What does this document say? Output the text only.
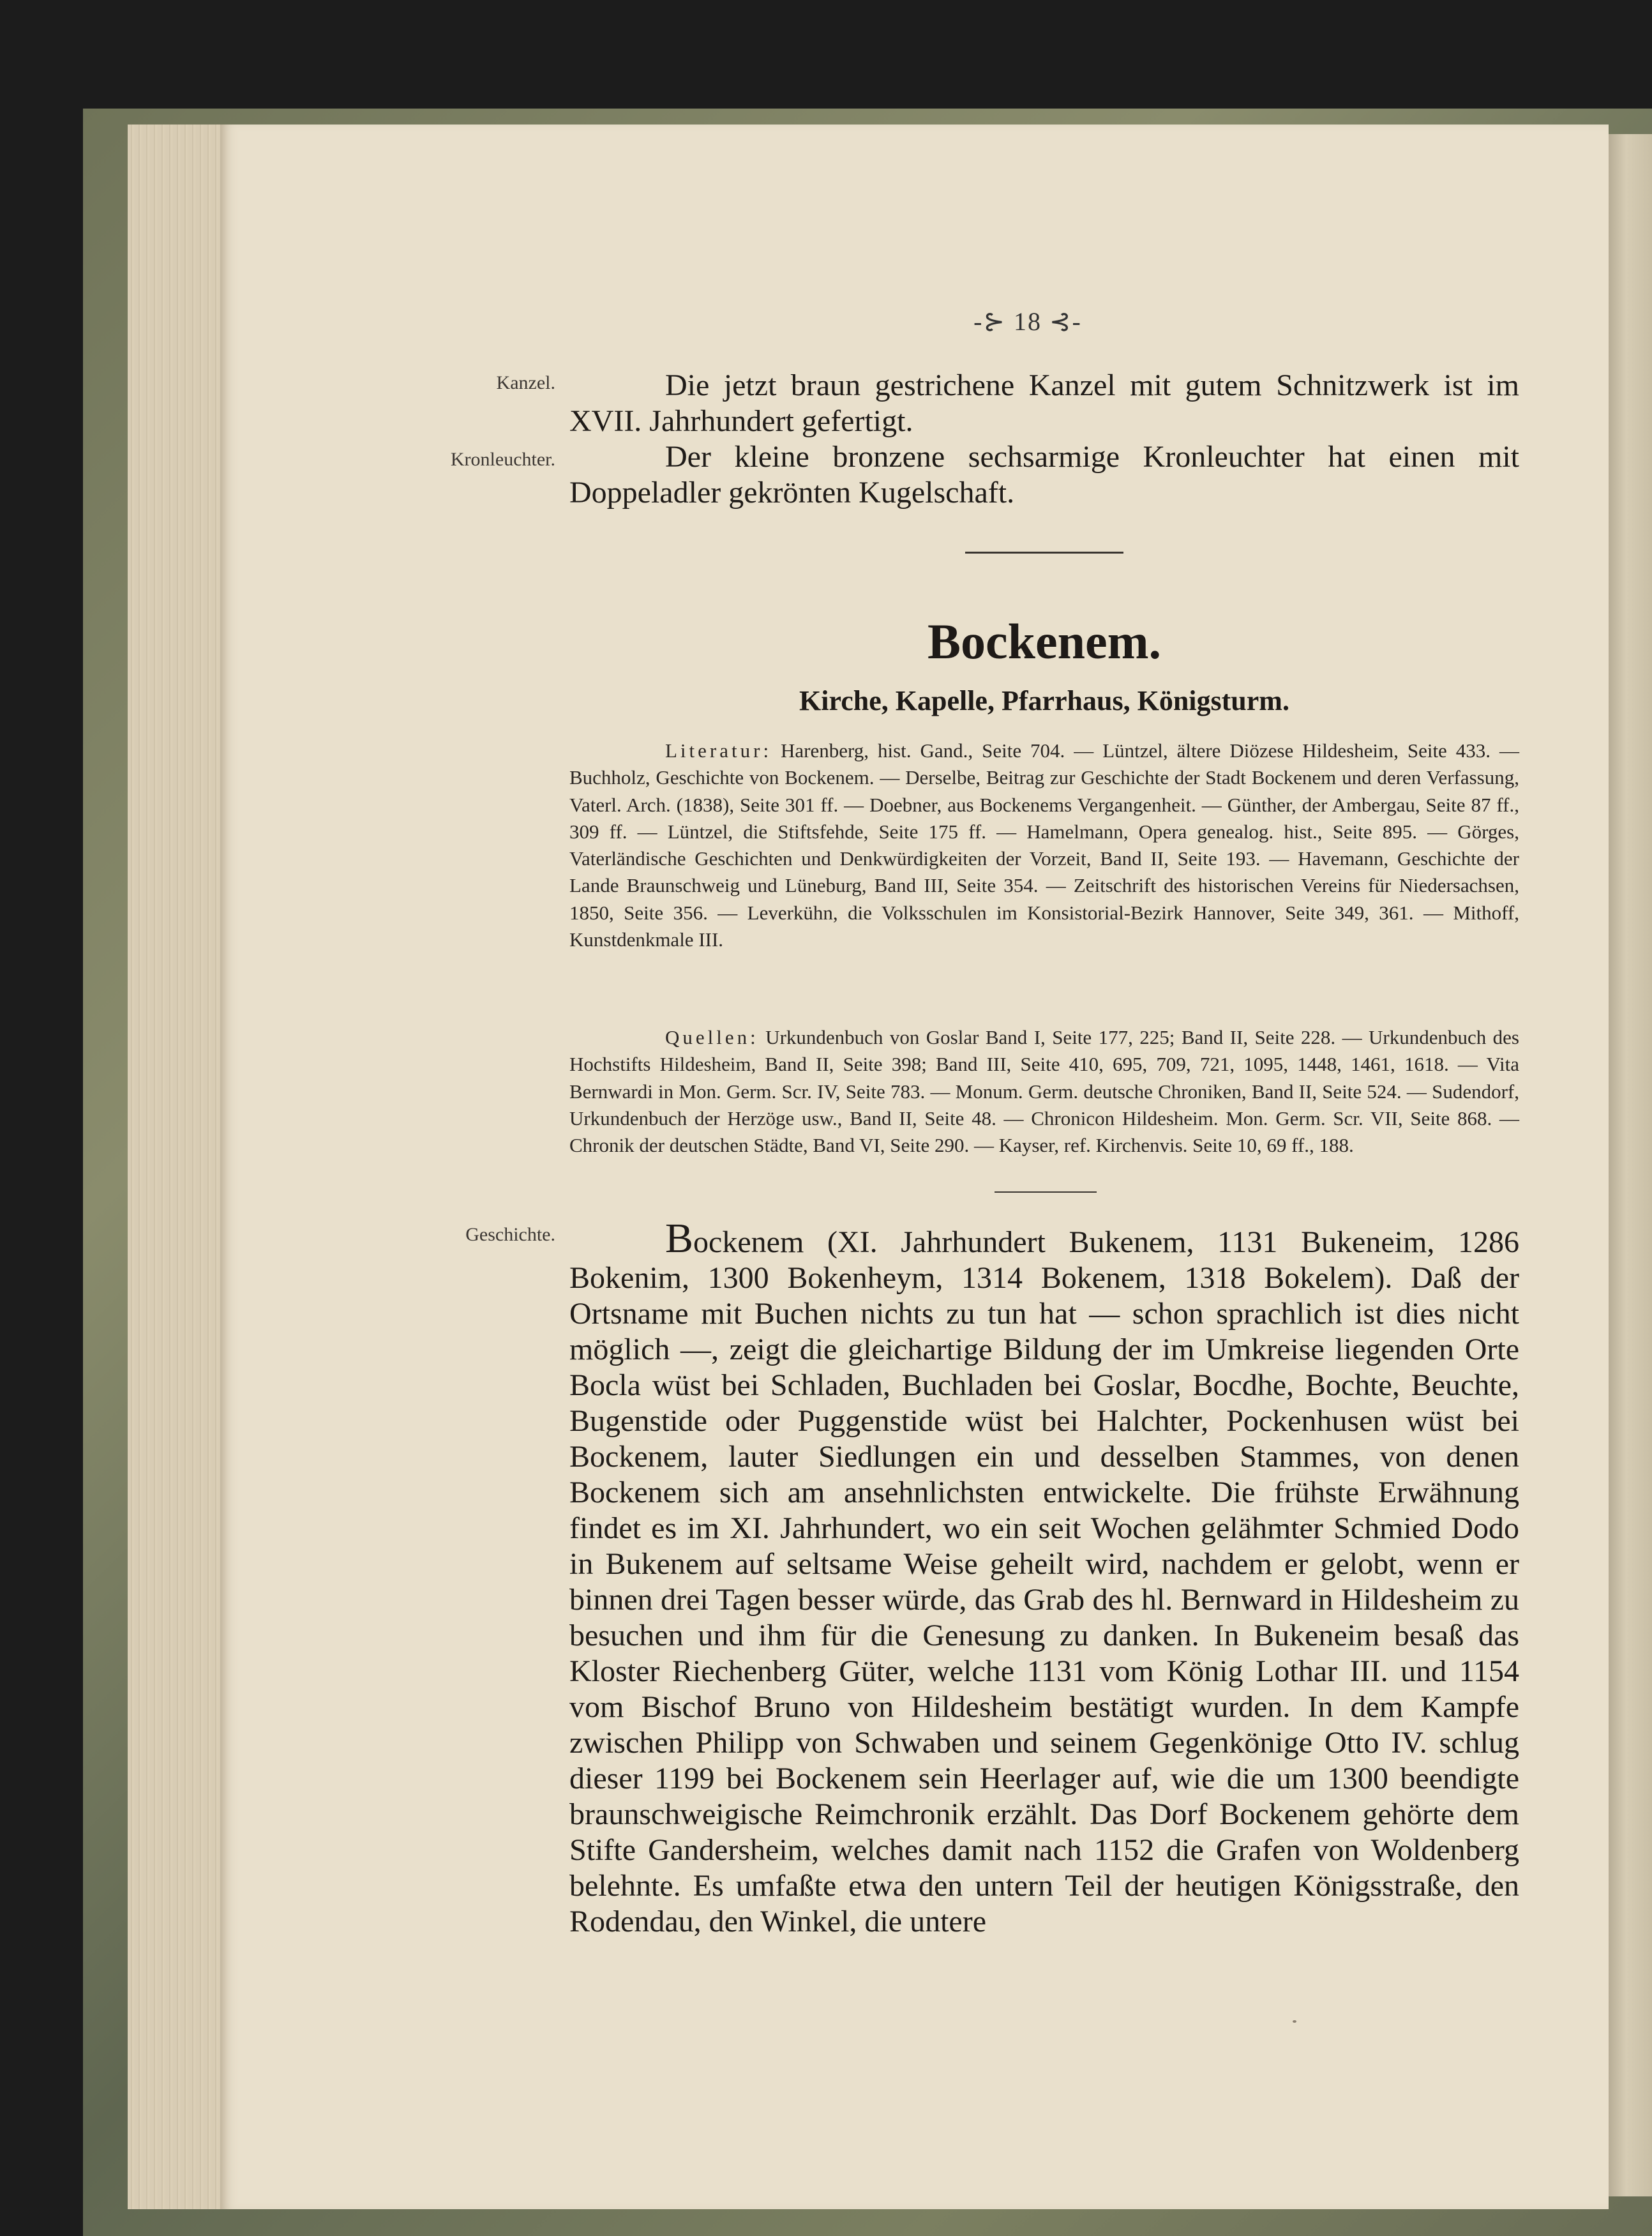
-⊱ 18 ⊰-
Kanzel.
Kronleuchter.
Geschichte.

Die jetzt braun gestrichene Kanzel mit gutem Schnitzwerk ist im XVII. Jahrhundert gefertigt.

Der kleine bronzene sechsarmige Kronleuchter hat einen mit Doppeladler gekrönten Kugelschaft.

Bockenem.
Kirche, Kapelle, Pfarrhaus, Königsturm.

Literatur: Harenberg, hist. Gand., Seite 704. — Lüntzel, ältere Diözese Hildesheim, Seite 433. — Buchholz, Geschichte von Bockenem. — Derselbe, Beitrag zur Geschichte der Stadt Bockenem und deren Verfassung, Vaterl. Arch. (1838), Seite 301 ff. — Doebner, aus Bockenems Vergangenheit. — Günther, der Ambergau, Seite 87 ff., 309 ff. — Lüntzel, die Stiftsfehde, Seite 175 ff. — Hamelmann, Opera genealog. hist., Seite 895. — Görges, Vaterländische Geschichten und Denkwürdigkeiten der Vorzeit, Band II, Seite 193. — Havemann, Geschichte der Lande Braunschweig und Lüneburg, Band III, Seite 354. — Zeitschrift des historischen Vereins für Niedersachsen, 1850, Seite 356. — Leverkühn, die Volksschulen im Konsistorial-Bezirk Hannover, Seite 349, 361. — Mithoff, Kunstdenkmale III.

Quellen: Urkundenbuch von Goslar Band I, Seite 177, 225; Band II, Seite 228. — Urkundenbuch des Hochstifts Hildesheim, Band II, Seite 398; Band III, Seite 410, 695, 709, 721, 1095, 1448, 1461, 1618. — Vita Bernwardi in Mon. Germ. Scr. IV, Seite 783. — Monum. Germ. deutsche Chroniken, Band II, Seite 524. — Sudendorf, Urkundenbuch der Herzöge usw., Band II, Seite 48. — Chronicon Hildesheim. Mon. Germ. Scr. VII, Seite 868. — Chronik der deutschen Städte, Band VI, Seite 290. — Kayser, ref. Kirchenvis. Seite 10, 69 ff., 188.

Bockenem (XI. Jahrhundert Bukenem, 1131 Bukeneim, 1286 Bokenim, 1300 Bokenheym, 1314 Bokenem, 1318 Bokelem). Daß der Ortsname mit Buchen nichts zu tun hat — schon sprachlich ist dies nicht möglich —, zeigt die gleichartige Bildung der im Umkreise liegenden Orte Bocla wüst bei Schladen, Buchladen bei Goslar, Bocdhe, Bochte, Beuchte, Bugenstide oder Puggenstide wüst bei Halchter, Pockenhusen wüst bei Bockenem, lauter Siedlungen ein und desselben Stammes, von denen Bockenem sich am ansehnlichsten entwickelte. Die frühste Erwähnung findet es im XI. Jahrhundert, wo ein seit Wochen gelähmter Schmied Dodo in Bukenem auf seltsame Weise geheilt wird, nachdem er gelobt, wenn er binnen drei Tagen besser würde, das Grab des hl. Bernward in Hildesheim zu besuchen und ihm für die Genesung zu danken. In Bukeneim besaß das Kloster Riechenberg Güter, welche 1131 vom König Lothar III. und 1154 vom Bischof Bruno von Hildesheim bestätigt wurden. In dem Kampfe zwischen Philipp von Schwaben und seinem Gegenkönige Otto IV. schlug dieser 1199 bei Bockenem sein Heerlager auf, wie die um 1300 beendigte braunschweigische Reimchronik erzählt. Das Dorf Bockenem gehörte dem Stifte Gandersheim, welches damit nach 1152 die Grafen von Woldenberg belehnte. Es umfaßte etwa den untern Teil der heutigen Königsstraße, den Rodendau, den Winkel, die untere
